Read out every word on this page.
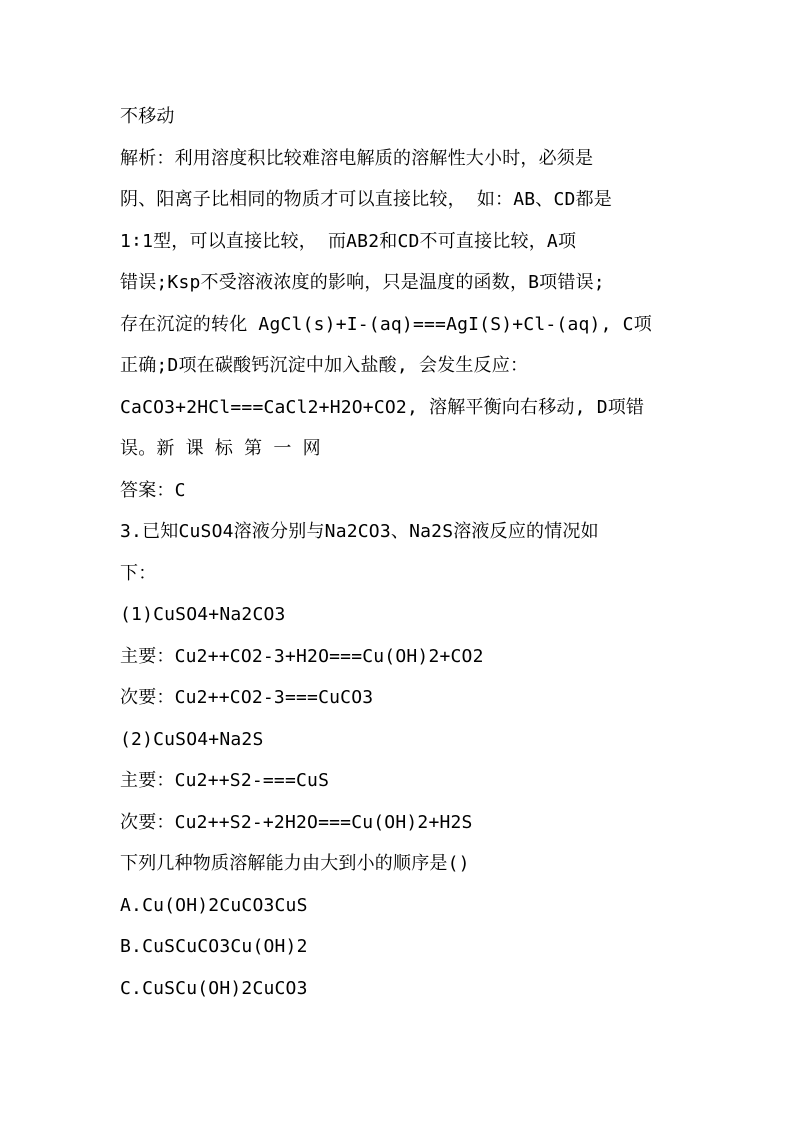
不移动
解析：利用溶度积比较难溶电解质的溶解性大小时，必须是
阴、阳离子比相同的物质才可以直接比较， 如：AB、CD都是
1∶1型，可以直接比较， 而AB2和CD不可直接比较，A项
错误;Ksp不受溶液浓度的影响，只是温度的函数，B项错误;
存在沉淀的转化 AgCl(s)+I-(aq)===AgI(S)+Cl-(aq), C项
正确;D项在碳酸钙沉淀中加入盐酸, 会发生反应：
CaCO3+2HCl===CaCl2+H2O+CO2, 溶解平衡向右移动, D项错
误。新 课 标 第 一 网
答案：C
3.已知CuSO4溶液分别与Na2CO3、Na2S溶液反应的情况如
下：
(1)CuSO4+Na2CO3
主要：Cu2++CO2-3+H2O===Cu(OH)2+CO2
次要：Cu2++CO2-3===CuCO3
(2)CuSO4+Na2S
主要：Cu2++S2-===CuS
次要：Cu2++S2-+2H2O===Cu(OH)2+H2S
下列几种物质溶解能力由大到小的顺序是()
A.Cu(OH)2CuCO3CuS
B.CuSCuCO3Cu(OH)2
C.CuSCu(OH)2CuCO3
